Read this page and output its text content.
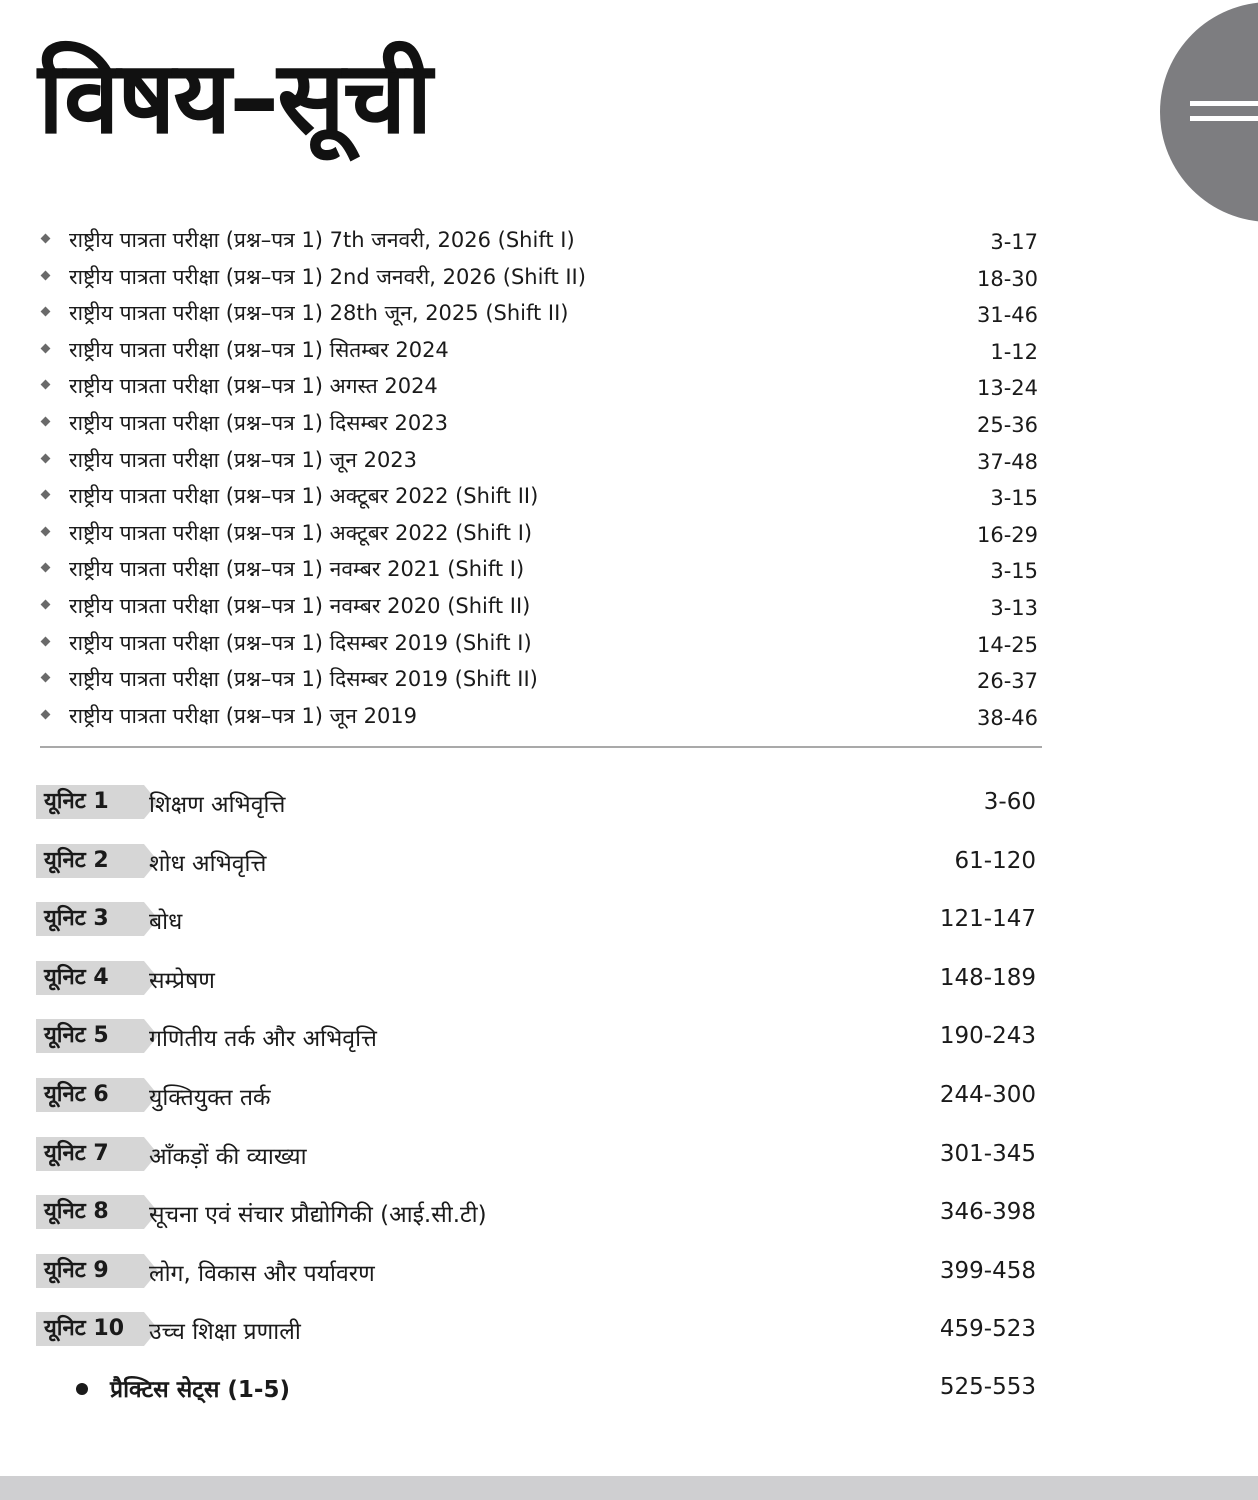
विषय–सूची
राष्ट्रीय पात्रता परीक्षा (प्रश्न–पत्र 1) 7th जनवरी, 2026 (Shift I)	3-17
राष्ट्रीय पात्रता परीक्षा (प्रश्न–पत्र 1) 2nd जनवरी, 2026 (Shift II)	18-30
राष्ट्रीय पात्रता परीक्षा (प्रश्न–पत्र 1) 28th जून, 2025 (Shift II)	31-46
राष्ट्रीय पात्रता परीक्षा (प्रश्न–पत्र 1) सितम्बर 2024	1-12
राष्ट्रीय पात्रता परीक्षा (प्रश्न–पत्र 1) अगस्त 2024	13-24
राष्ट्रीय पात्रता परीक्षा (प्रश्न–पत्र 1) दिसम्बर 2023	25-36
राष्ट्रीय पात्रता परीक्षा (प्रश्न–पत्र 1) जून 2023	37-48
राष्ट्रीय पात्रता परीक्षा (प्रश्न–पत्र 1) अक्टूबर 2022 (Shift II)	3-15
राष्ट्रीय पात्रता परीक्षा (प्रश्न–पत्र 1) अक्टूबर 2022 (Shift I)	16-29
राष्ट्रीय पात्रता परीक्षा (प्रश्न–पत्र 1) नवम्बर 2021 (Shift I)	3-15
राष्ट्रीय पात्रता परीक्षा (प्रश्न–पत्र 1) नवम्बर 2020 (Shift II)	3-13
राष्ट्रीय पात्रता परीक्षा (प्रश्न–पत्र 1) दिसम्बर 2019 (Shift I)	14-25
राष्ट्रीय पात्रता परीक्षा (प्रश्न–पत्र 1) दिसम्बर 2019 (Shift II)	26-37
राष्ट्रीय पात्रता परीक्षा (प्रश्न–पत्र 1) जून 2019	38-46
यूनिट 1	शिक्षण अभिवृत्ति	3-60
यूनिट 2	शोध अभिवृत्ति	61-120
यूनिट 3	बोध	121-147
यूनिट 4	सम्प्रेषण	148-189
यूनिट 5	गणितीय तर्क और अभिवृत्ति	190-243
यूनिट 6	युक्तियुक्त तर्क	244-300
यूनिट 7	आँकड़ों की व्याख्या	301-345
यूनिट 8	सूचना एवं संचार प्रौद्योगिकी (आई.सी.टी)	346-398
यूनिट 9	लोग, विकास और पर्यावरण	399-458
यूनिट 10	उच्च शिक्षा प्रणाली	459-523
प्रैक्टिस सेट्स (1-5)	525-553
